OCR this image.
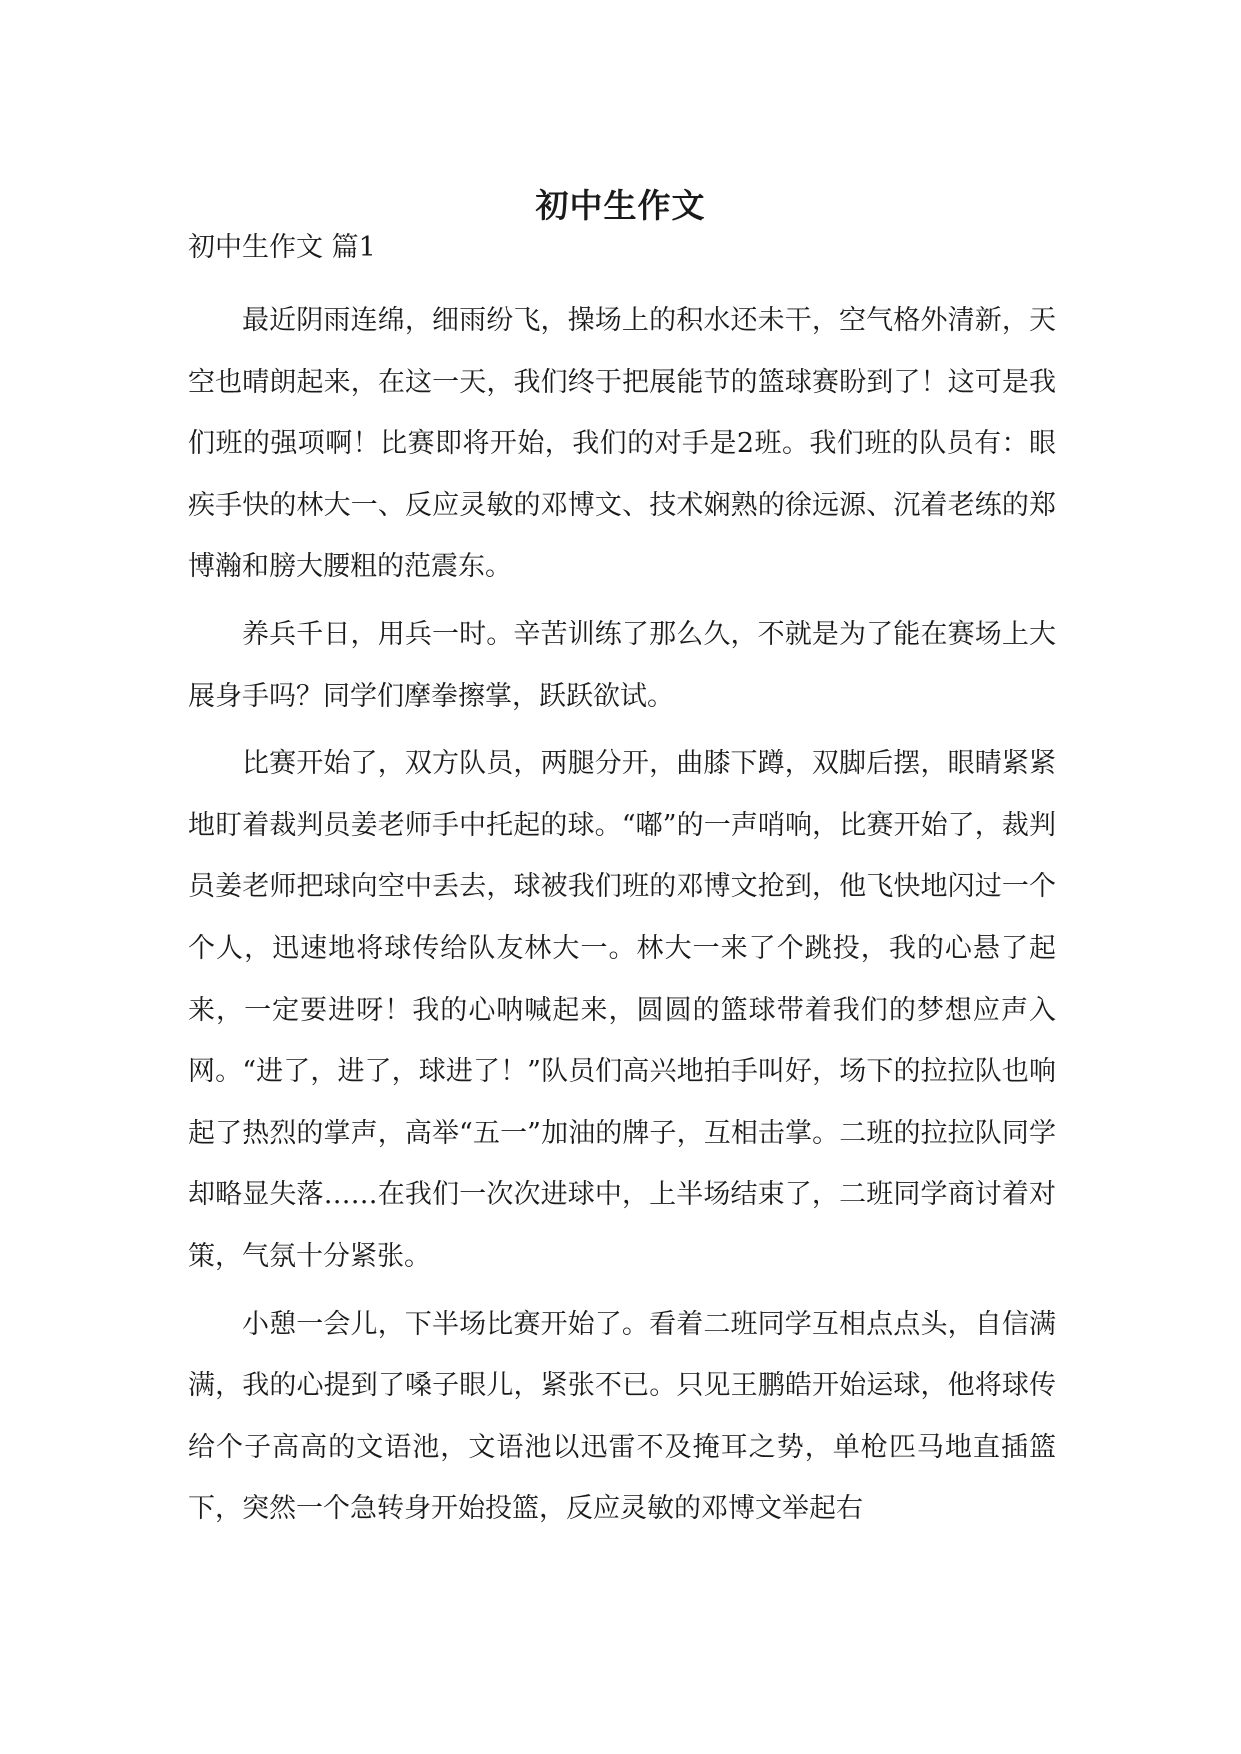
初中生作文
初中生作文 篇1

最近阴雨连绵，细雨纷飞，操场上的积水还未干，空气格外清新，天空也晴朗起来，在这一天，我们终于把展能节的篮球赛盼到了！这可是我们班的强项啊！比赛即将开始，我们的对手是2班。我们班的队员有：眼疾手快的林大一、反应灵敏的邓博文、技术娴熟的徐远源、沉着老练的郑博瀚和膀大腰粗的范震东。

养兵千日，用兵一时。辛苦训练了那么久，不就是为了能在赛场上大展身手吗？同学们摩拳擦掌，跃跃欲试。

比赛开始了，双方队员，两腿分开，曲膝下蹲，双脚后摆，眼睛紧紧地盯着裁判员姜老师手中托起的球。“嘟”的一声哨响，比赛开始了，裁判员姜老师把球向空中丢去，球被我们班的邓博文抢到，他飞快地闪过一个个人，迅速地将球传给队友林大一。林大一来了个跳投，我的心悬了起来，一定要进呀！我的心呐喊起来，圆圆的篮球带着我们的梦想应声入网。“进了，进了，球进了！”队员们高兴地拍手叫好，场下的拉拉队也响起了热烈的掌声，高举“五一”加油的牌子，互相击掌。二班的拉拉队同学却略显失落……在我们一次次进球中，上半场结束了，二班同学商讨着对策，气氛十分紧张。

小憩一会儿，下半场比赛开始了。看着二班同学互相点点头，自信满满，我的心提到了嗓子眼儿，紧张不已。只见王鹏皓开始运球，他将球传给个子高高的文语池，文语池以迅雷不及掩耳之势，单枪匹马地直插篮下，突然一个急转身开始投篮，反应灵敏的邓博文举起右
